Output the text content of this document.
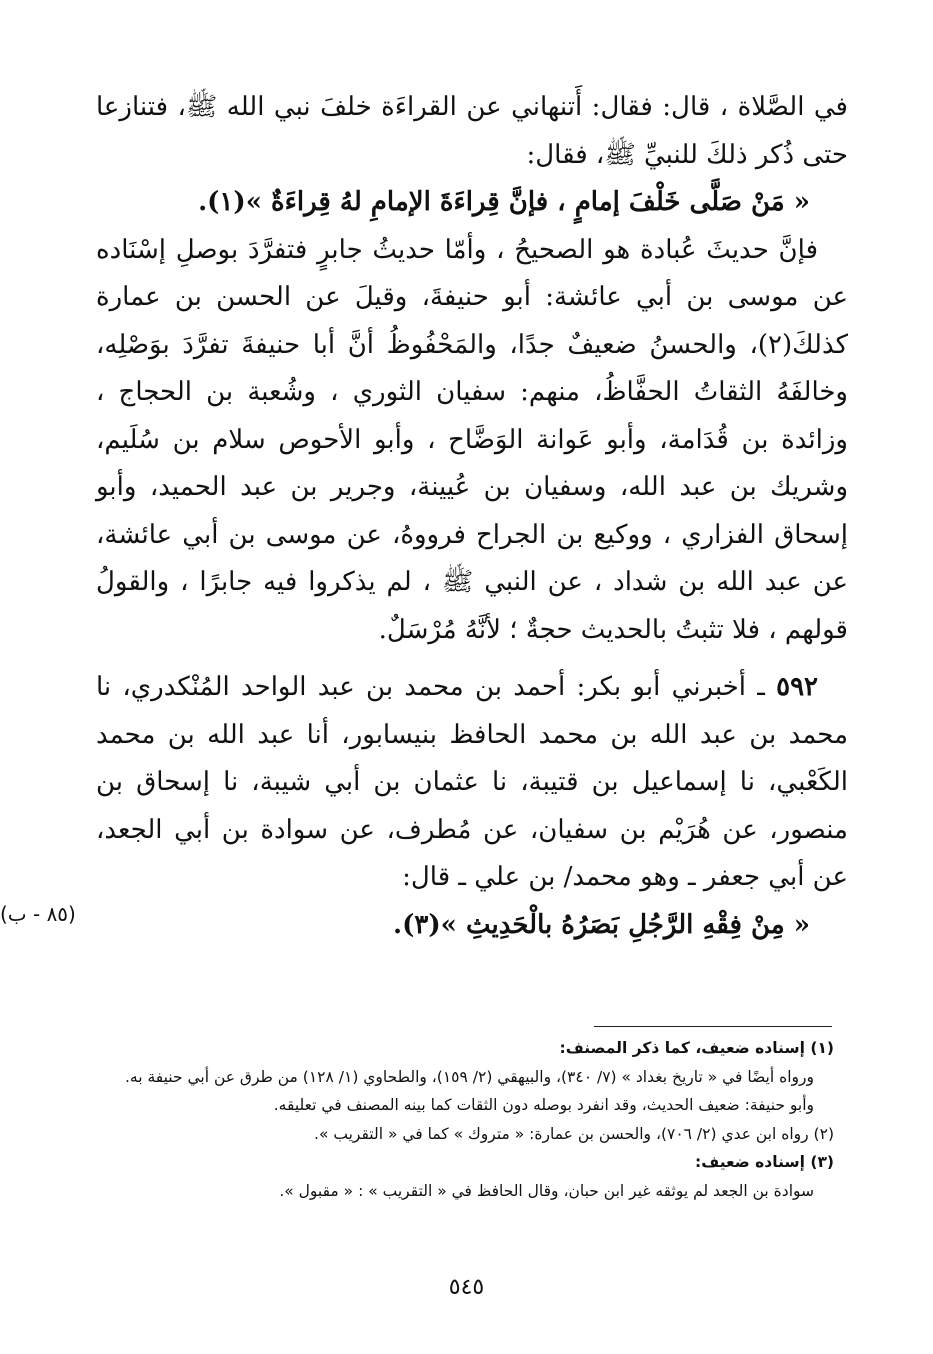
في الصَّلاة ، قال: فقال: أَتنهاني عن القراءَة خلفَ نبي الله ﷺ، فتنازعا حتى ذُكر ذلكَ للنبيِّ ﷺ، فقال:

« مَنْ صَلَّى خَلْفَ إمامٍ ، فإنَّ قِراءَةَ الإمامِ لهُ قِراءَةٌ »(١).

فإنَّ حديثَ عُبادة هو الصحيحُ ، وأمّا حديثُ جابرٍ فتفرَّدَ بوصلِ إسْنَاده عن موسى بن أبي عائشة: أبو حنيفةَ، وقيلَ عن الحسن بن عمارة كذلكَ(٢)، والحسنُ ضعيفٌ جدًا، والمَحْفُوظُ أنَّ أبا حنيفةَ تفرَّدَ بوَصْلِه، وخالفَهُ الثقاتُ الحفَّاظُ، منهم: سفيان الثوري ، وشُعبة بن الحجاج ، وزائدة بن قُدَامة، وأبو عَوانة الوَضَّاح ، وأبو الأحوص سلام بن سُلَيم، وشريك بن عبد الله، وسفيان بن عُيينة، وجرير بن عبد الحميد، وأبو إسحاق الفزاري ، ووكيع بن الجراح فرووهُ، عن موسى بن أبي عائشة، عن عبد الله بن شداد ، عن النبي ﷺ ، لم يذكروا فيه جابرًا ، والقولُ قولهم ، فلا تثبتُ بالحديث حجةٌ ؛ لأنَّهُ مُرْسَلٌ.

٥٩٢ ـ أخبرني أبو بكر: أحمد بن محمد بن عبد الواحد المُنْكدري، نا محمد بن عبد الله بن محمد الحافظ بنيسابور، أنا عبد الله بن محمد الكَعْبي، نا إسماعيل بن قتيبة، نا عثمان بن أبي شيبة، نا إسحاق بن منصور، عن هُرَيْم بن سفيان، عن مُطرف، عن سوادة بن أبي الجعد، عن أبي جعفر ـ وهو محمد/ بن علي ـ قال:

« مِنْ فِقْهِ الرَّجُلِ بَصَرُهُ بالْحَدِيثِ »(٣).

(٨٥ - ب)

(١) إسناده ضعيف، كما ذكر المصنف:

ورواه أيضًا في « تاريخ بغداد » (٧/ ٣٤٠)، والبيهقي (٢/ ١٥٩)، والطحاوي (١/ ١٢٨) من طرق عن أبي حنيفة به.

وأبو حنيفة: ضعيف الحديث، وقد انفرد بوصله دون الثقات كما بينه المصنف في تعليقه.

(٢) رواه ابن عدي (٢/ ٧٠٦)، والحسن بن عمارة: « متروك » كما في « التقريب ».

(٣) إسناده ضعيف:

سوادة بن الجعد لم يوثقه غير ابن حبان، وقال الحافظ في « التقريب » : « مقبول ».

٥٤٥
